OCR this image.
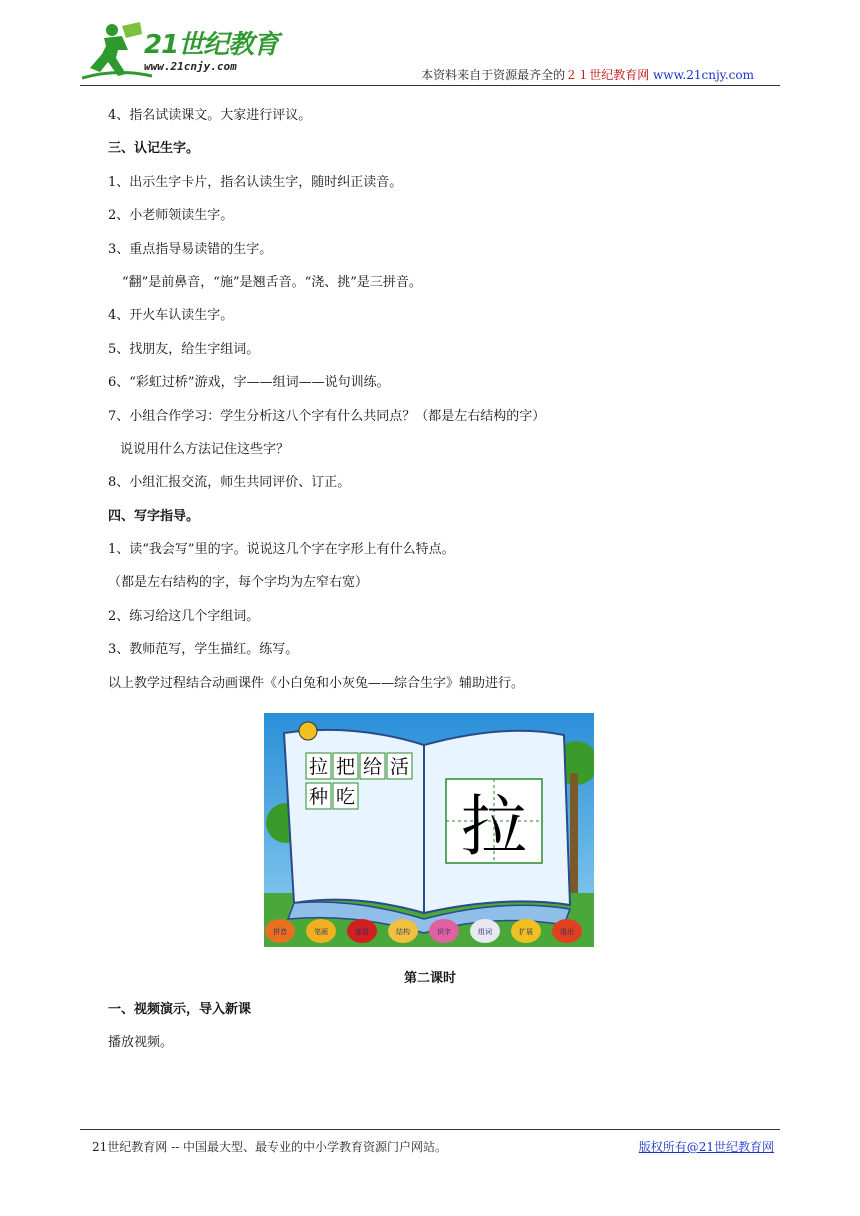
21世纪教育
www.21cnjy.com
本资料来自于资源最齐全的２１世纪教育网 www.21cnjy.com
4、指名试读课文。大家进行评议。
三、认记生字。
1、出示生字卡片，指名认读生字，随时纠正读音。
2、小老师领读生字。
3、重点指导易读错的生字。
“翻”是前鼻音，“施”是翘舌音。“浇、挑”是三拼音。
4、开火车认读生字。
5、找朋友，给生字组词。
6、“彩虹过桥”游戏，字——组词——说句训练。
7、小组合作学习：学生分析这八个字有什么共同点？（都是左右结构的字）
说说用什么方法记住这些字？
8、小组汇报交流，师生共同评价、订正。
四、写字指导。
1、读“我会写”里的字。说说这几个字在字形上有什么特点。
（都是左右结构的字，每个字均为左窄右宽）
2、练习给这几个字组词。
3、教师范写，学生描红。练写。
以上教学过程结合动画课件《小白兔和小灰兔——综合生字》辅助进行。
拉 把 给 活
种 吃 拉
拼音	笔画	部首	结构	识字	组词	扩展	退出
第二课时
一、视频演示，导入新课
播放视频。
21世纪教育网 -- 中国最大型、最专业的中小学教育资源门户网站。	版权所有@21世纪教育网
